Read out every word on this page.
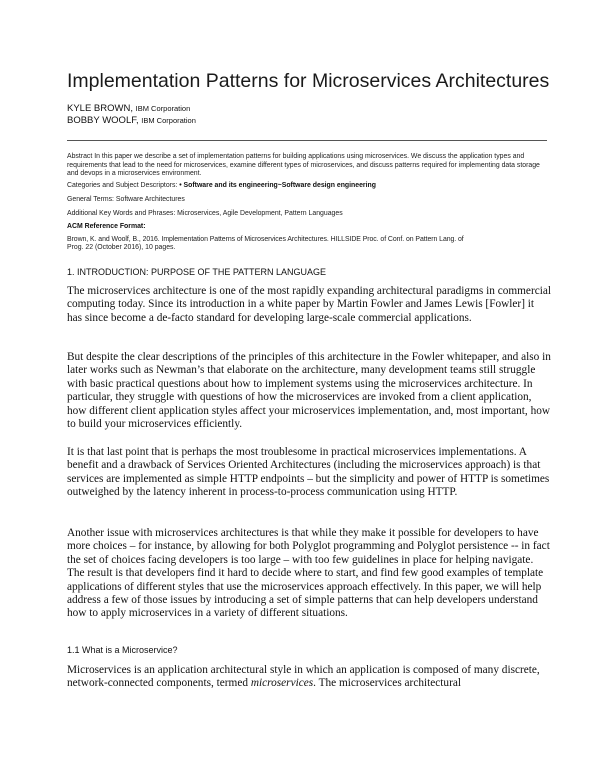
Implementation Patterns for Microservices Architectures
KYLE BROWN, IBM Corporation
BOBBY WOOLF, IBM Corporation
Abstract In this paper we describe a set of implementation patterns for building applications using microservices. We discuss the application types and requirements that lead to the need for microservices, examine different types of microservices, and discuss patterns required for implementing data storage and devops in a microservices environment.
Categories and Subject Descriptors: • Software and its engineering~Software design engineering
General Terms: Software Architectures
Additional Key Words and Phrases: Microservices, Agile Development, Pattern Languages
ACM Reference Format:
Brown, K. and Woolf, B., 2016. Implementation Patterns of Microservices Architectures. HILLSIDE Proc. of Conf. on Pattern Lang. of
Prog. 22 (October 2016), 10 pages.
1. INTRODUCTION: PURPOSE OF THE PATTERN LANGUAGE
The microservices architecture is one of the most rapidly expanding architectural paradigms in commercial computing today. Since its introduction in a white paper by Martin Fowler and James Lewis [Fowler] it has since become a de-facto standard for developing large-scale commercial applications.
But despite the clear descriptions of the principles of this architecture in the Fowler whitepaper, and also in later works such as Newman’s that elaborate on the architecture, many development teams still struggle with basic practical questions about how to implement systems using the microservices architecture. In particular, they struggle with questions of how the microservices are invoked from a client application, how different client application styles affect your microservices implementation, and, most important, how to build your microservices efficiently.
It is that last point that is perhaps the most troublesome in practical microservices implementations. A benefit and a drawback of Services Oriented Architectures (including the microservices approach) is that services are implemented as simple HTTP endpoints – but the simplicity and power of HTTP is sometimes outweighed by the latency inherent in process-to-process communication using HTTP.
Another issue with microservices architectures is that while they make it possible for developers to have more choices – for instance, by allowing for both Polyglot programming and Polyglot persistence -- in fact the set of choices facing developers is too large – with too few guidelines in place for helping navigate. The result is that developers find it hard to decide where to start, and find few good examples of template applications of different styles that use the microservices approach effectively. In this paper, we will help address a few of those issues by introducing a set of simple patterns that can help developers understand how to apply microservices in a variety of different situations.
1.1 What is a Microservice?
Microservices is an application architectural style in which an application is composed of many discrete, network-connected components, termed microservices. The microservices architectural
